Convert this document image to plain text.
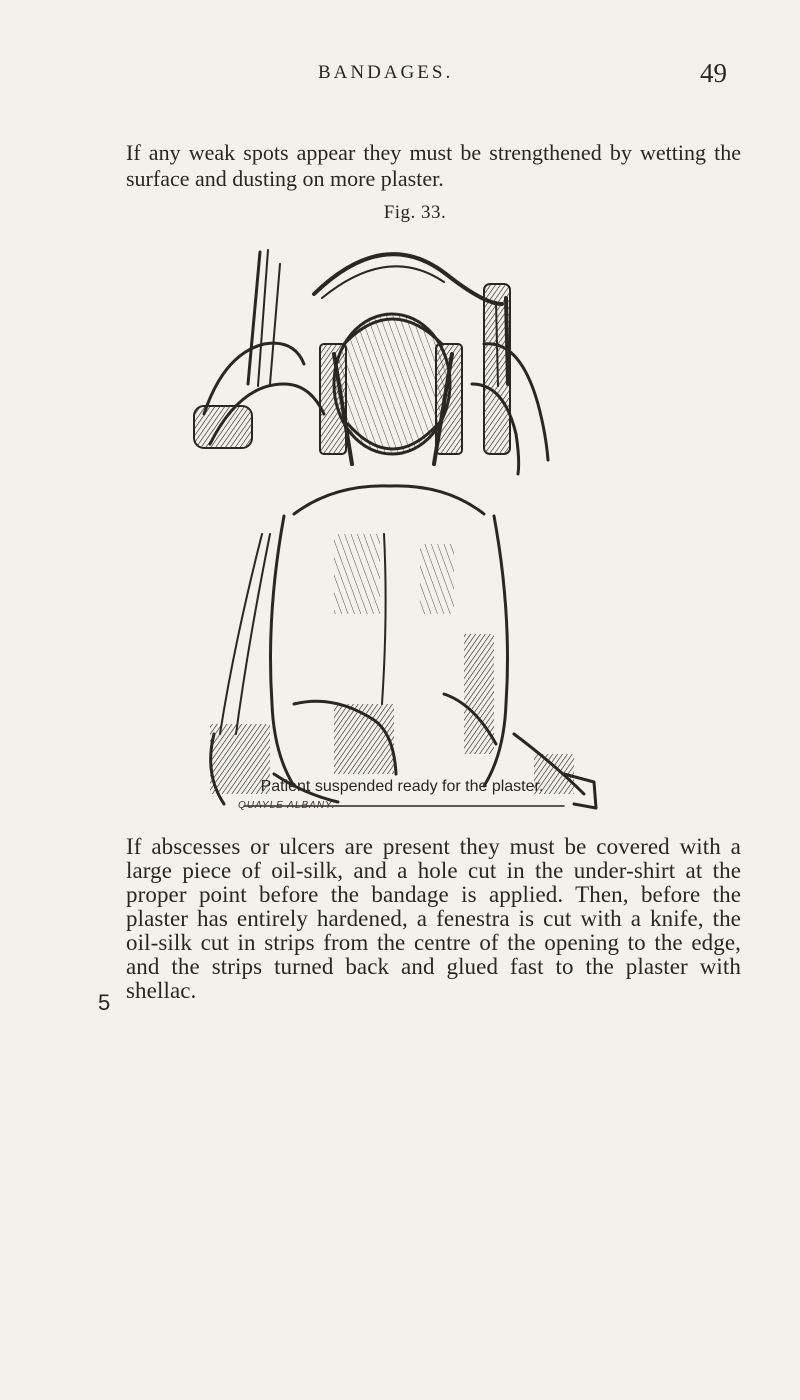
BANDAGES.	49

If any weak spots appear they must be strengthened by wetting the surface and dusting on more plaster.

Fig. 33.
QUAYLE ALBANY.
Patient suspended ready for the plaster.

If abscesses or ulcers are present they must be covered with a large piece of oil-silk, and a hole cut in the under-shirt at the proper point before the bandage is applied. Then, before the plaster has entirely hardened, a fenestra is cut with a knife, the oil-silk cut in strips from the centre of the opening to the edge, and the strips turned back and glued fast to the plaster with shellac.

5
